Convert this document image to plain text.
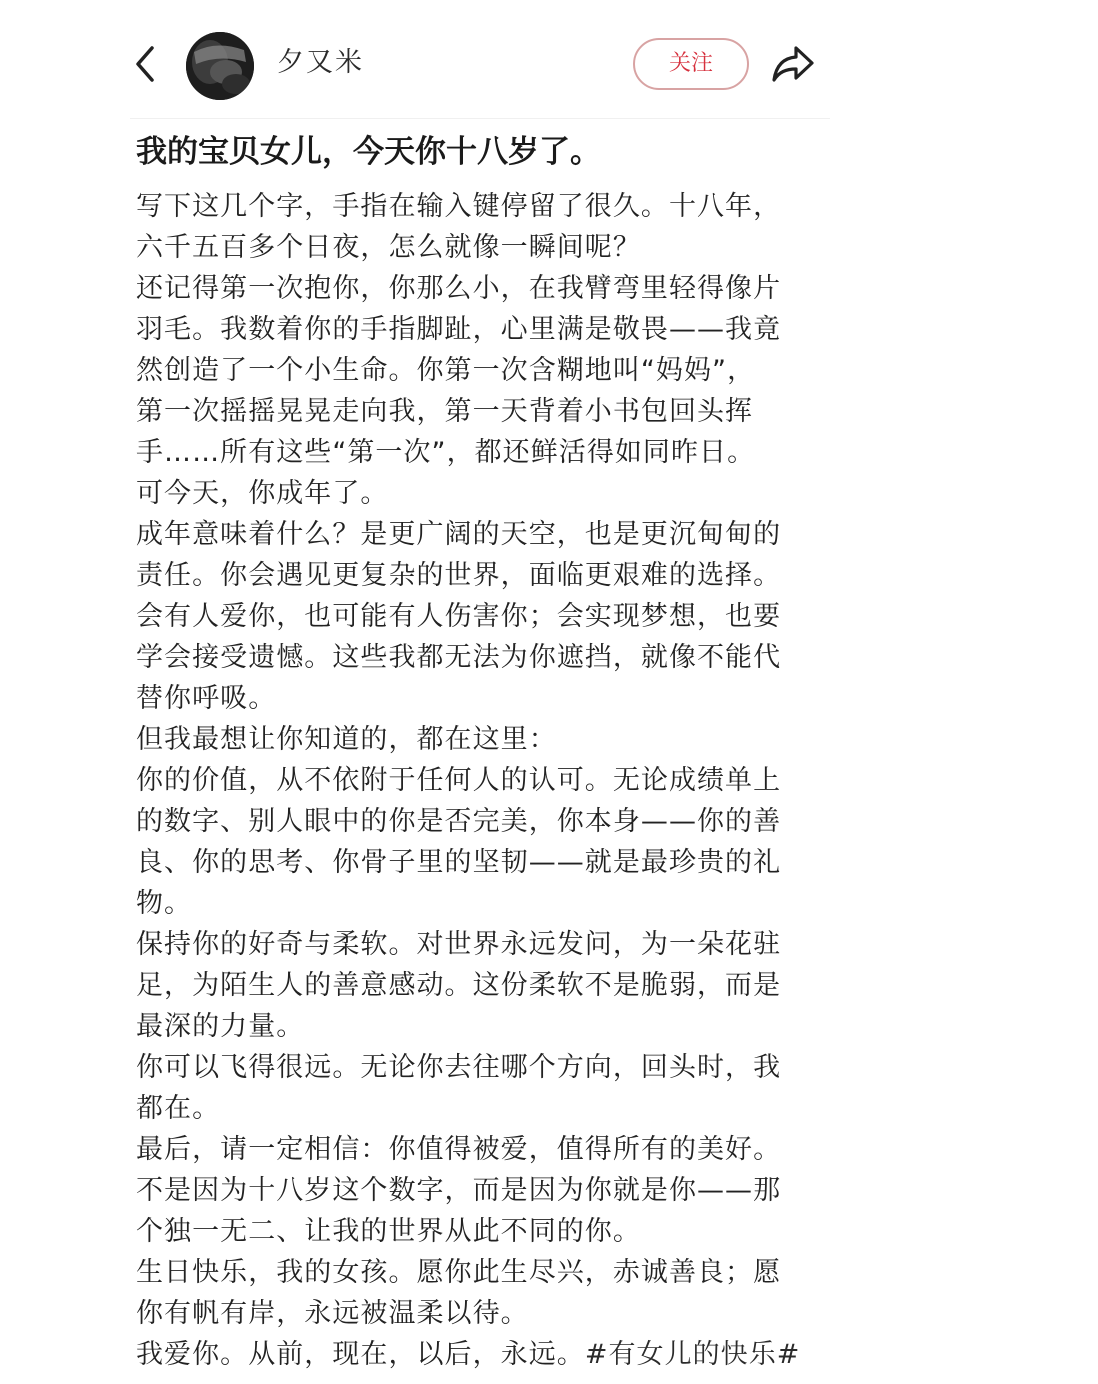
夕又米	关注
我的宝贝女儿，今天你十八岁了。
写下这几个字，手指在输入键停留了很久。十八年，
六千五百多个日夜，怎么就像一瞬间呢？
还记得第一次抱你，你那么小，在我臂弯里轻得像片
羽毛。我数着你的手指脚趾，心里满是敬畏——我竟
然创造了一个小生命。你第一次含糊地叫“妈妈”，
第一次摇摇晃晃走向我，第一天背着小书包回头挥
手……所有这些“第一次”，都还鲜活得如同昨日。
可今天，你成年了。
成年意味着什么？是更广阔的天空，也是更沉甸甸的
责任。你会遇见更复杂的世界，面临更艰难的选择。
会有人爱你，也可能有人伤害你；会实现梦想，也要
学会接受遗憾。这些我都无法为你遮挡，就像不能代
替你呼吸。
但我最想让你知道的，都在这里：
你的价值，从不依附于任何人的认可。无论成绩单上
的数字、别人眼中的你是否完美，你本身——你的善
良、你的思考、你骨子里的坚韧——就是最珍贵的礼
物。
保持你的好奇与柔软。对世界永远发问，为一朵花驻
足，为陌生人的善意感动。这份柔软不是脆弱，而是
最深的力量。
你可以飞得很远。无论你去往哪个方向，回头时，我
都在。
最后，请一定相信：你值得被爱，值得所有的美好。
不是因为十八岁这个数字，而是因为你就是你——那
个独一无二、让我的世界从此不同的你。
生日快乐，我的女孩。愿你此生尽兴，赤诚善良；愿
你有帆有岸，永远被温柔以待。
我爱你。从前，现在，以后，永远。#有女儿的快乐#
